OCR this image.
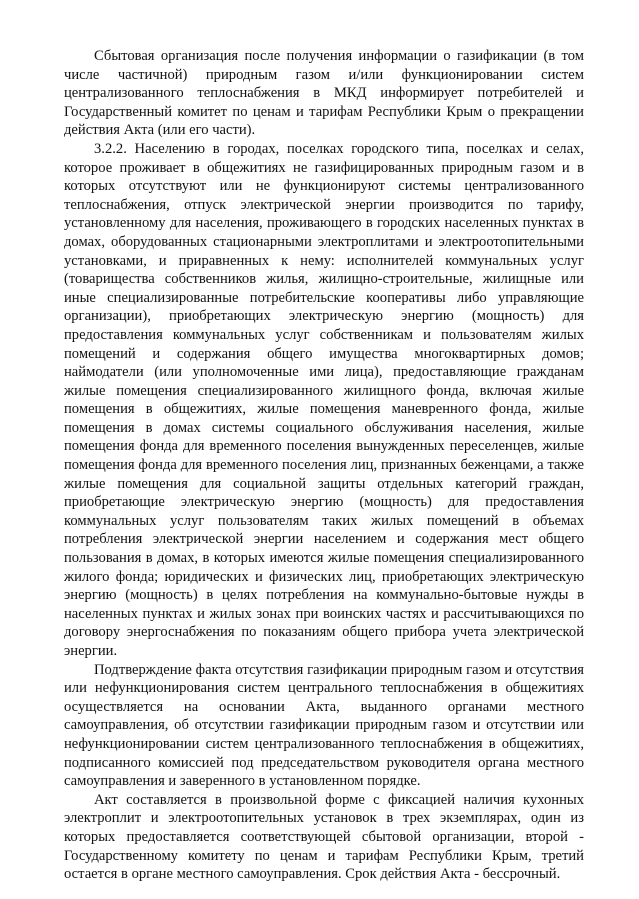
Сбытовая организация после получения информации о газификации (в том числе частичной) природным газом и/или функционировании систем централизованного теплоснабжения в МКД информирует потребителей и Государственный комитет по ценам и тарифам Республики Крым о прекращении действия Акта (или его части).

3.2.2. Населению в городах, поселках городского типа, поселках и селах, которое проживает в общежитиях не газифицированных природным газом и в которых отсутствуют или не функционируют системы централизованного теплоснабжения, отпуск электрической энергии производится по тарифу, установленному для населения, проживающего в городских населенных пунктах в домах, оборудованных стационарными электроплитами и электроотопительными установками, и приравненных к нему: исполнителей коммунальных услуг (товарищества собственников жилья, жилищно-строительные, жилищные или иные специализированные потребительские кооперативы либо управляющие организации), приобретающих электрическую энергию (мощность) для предоставления коммунальных услуг собственникам и пользователям жилых помещений и содержания общего имущества многоквартирных домов; наймодатели (или уполномоченные ими лица), предоставляющие гражданам жилые помещения специализированного жилищного фонда, включая жилые помещения в общежитиях, жилые помещения маневренного фонда, жилые помещения в домах системы социального обслуживания населения, жилые помещения фонда для временного поселения вынужденных переселенцев, жилые помещения фонда для временного поселения лиц, признанных беженцами, а также жилые помещения для социальной защиты отдельных категорий граждан, приобретающие электрическую энергию (мощность) для предоставления коммунальных услуг пользователям таких жилых помещений в объемах потребления электрической энергии населением и содержания мест общего пользования в домах, в которых имеются жилые помещения специализированного жилого фонда; юридических и физических лиц, приобретающих электрическую энергию (мощность) в целях потребления на коммунально-бытовые нужды в населенных пунктах и жилых зонах при воинских частях и рассчитывающихся по договору энергоснабжения по показаниям общего прибора учета электрической энергии.

Подтверждение факта отсутствия газификации природным газом и отсутствия или нефункционирования систем центрального теплоснабжения в общежитиях осуществляется на основании Акта, выданного органами местного самоуправления, об отсутствии газификации природным газом и отсутствии или нефункционировании систем централизованного теплоснабжения в общежитиях, подписанного комиссией под председательством руководителя органа местного самоуправления и заверенного в установленном порядке.

Акт составляется в произвольной форме с фиксацией наличия кухонных электроплит и электроотопительных установок в трех экземплярах, один из которых предоставляется соответствующей сбытовой организации, второй - Государственному комитету по ценам и тарифам Республики Крым, третий остается в органе местного самоуправления. Срок действия Акта - бессрочный.
